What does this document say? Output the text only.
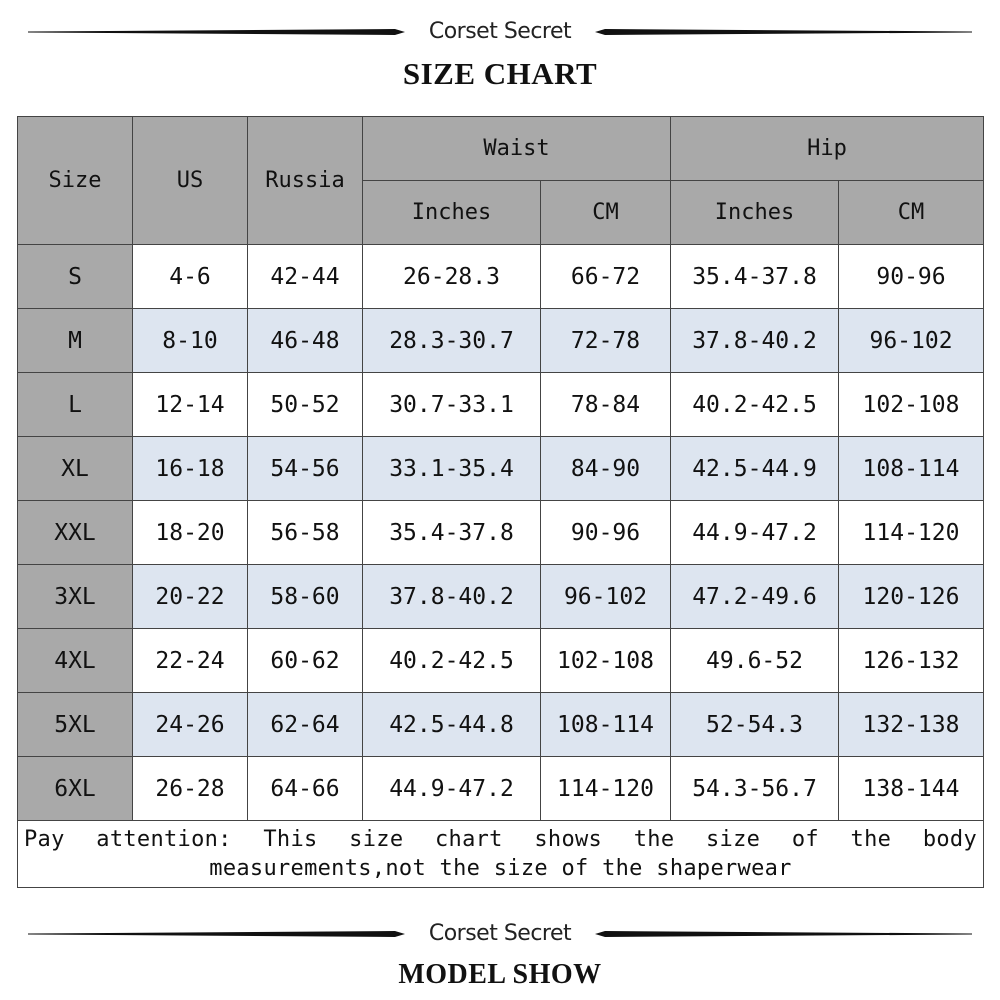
Corset Secret
SIZE CHART
Size	US	Russia	Waist		Hip	
			Inches	CM	Inches	CM
S	4-6	42-44	26-28.3	66-72	35.4-37.8	90-96
M	8-10	46-48	28.3-30.7	72-78	37.8-40.2	96-102
L	12-14	50-52	30.7-33.1	78-84	40.2-42.5	102-108
XL	16-18	54-56	33.1-35.4	84-90	42.5-44.9	108-114
XXL	18-20	56-58	35.4-37.8	90-96	44.9-47.2	114-120
3XL	20-22	58-60	37.8-40.2	96-102	47.2-49.6	120-126
4XL	22-24	60-62	40.2-42.5	102-108	49.6-52	126-132
5XL	24-26	62-64	42.5-44.8	108-114	52-54.3	132-138
6XL	26-28	64-66	44.9-47.2	114-120	54.3-56.7	138-144
Pay attention: This size chart shows the size of the body measurements,not the size of the shaperwear						
Corset Secret
MODEL SHOW
